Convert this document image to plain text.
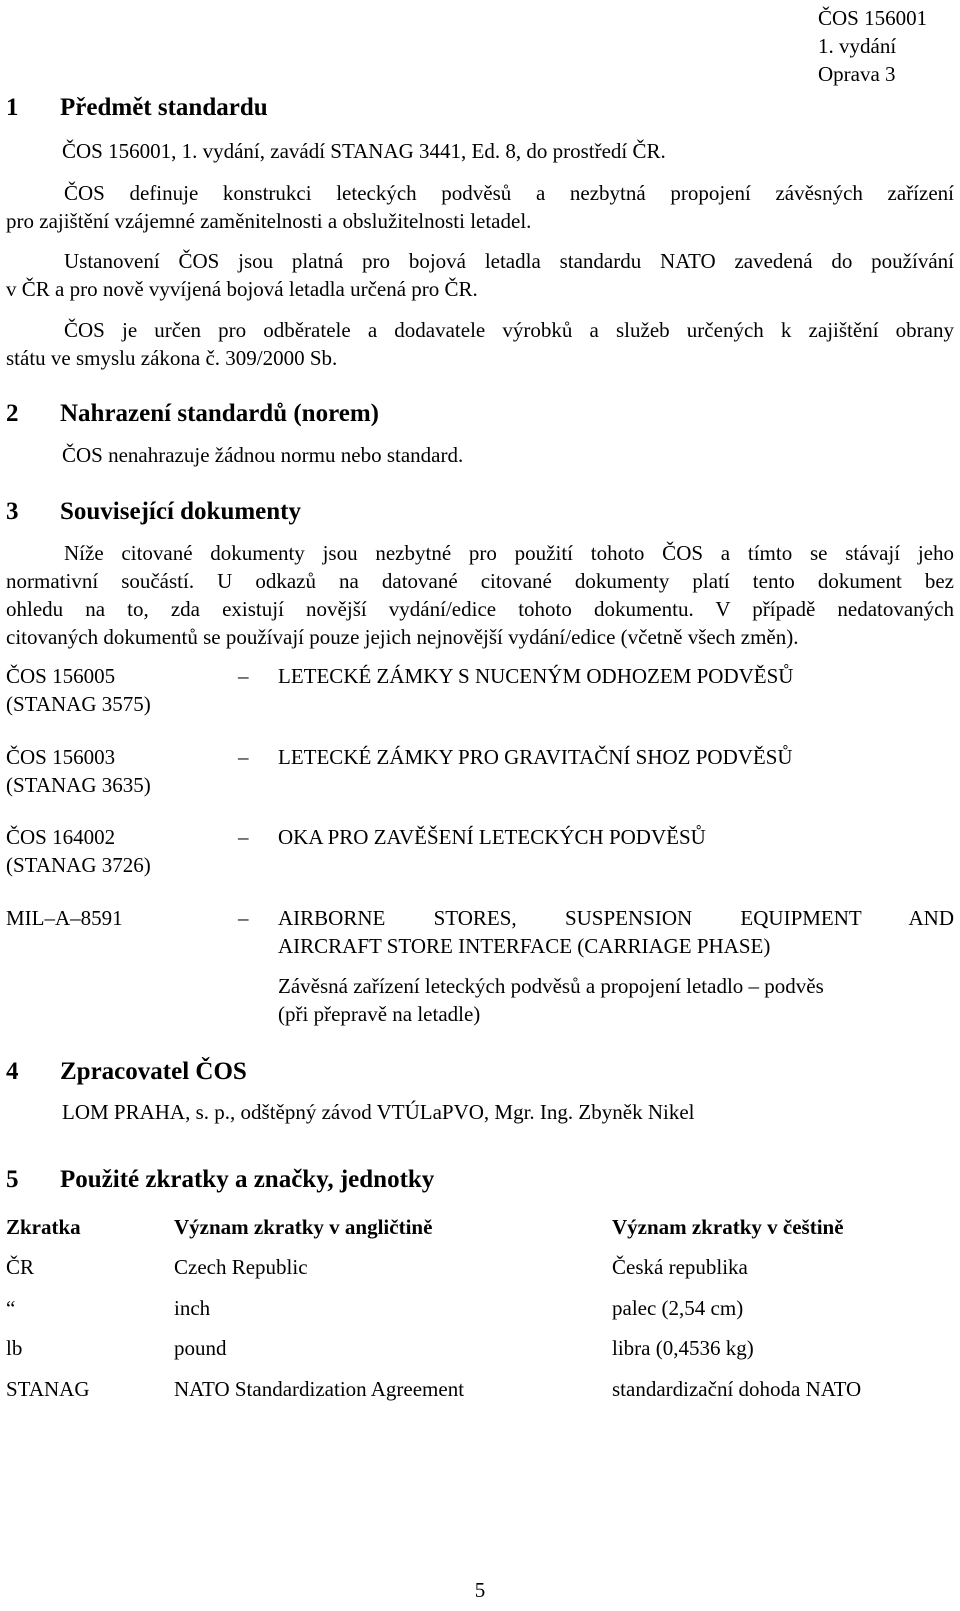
ČOS 156001
1. vydání
Oprava 3
1 Předmět standardu
ČOS 156001, 1. vydání, zavádí STANAG 3441, Ed. 8, do prostředí ČR.
ČOS definuje konstrukci leteckých podvěsů a nezbytná propojení závěsných zařízení
pro zajištění vzájemné zaměnitelnosti a obslužitelnosti letadel.
Ustanovení ČOS jsou platná pro bojová letadla standardu NATO zavedená do používání
v ČR a pro nově vyvíjená bojová letadla určená pro ČR.
ČOS je určen pro odběratele a dodavatele výrobků a služeb určených k zajištění obrany
státu ve smyslu zákona č. 309/2000 Sb.
2 Nahrazení standardů (norem)
ČOS nenahrazuje žádnou normu nebo standard.
3 Související dokumenty
Níže citované dokumenty jsou nezbytné pro použití tohoto ČOS a tímto se stávají jeho
normativní součástí. U odkazů na datované citované dokumenty platí tento dokument bez
ohledu na to, zda existují novější vydání/edice tohoto dokumentu. V případě nedatovaných
citovaných dokumentů se používají pouze jejich nejnovější vydání/edice (včetně všech změn).
ČOS 156005
(STANAG 3575)
–	LETECKÉ ZÁMKY S NUCENÝM ODHOZEM PODVĚSŮ
ČOS 156003
(STANAG 3635)
–	LETECKÉ ZÁMKY PRO GRAVITAČNÍ SHOZ PODVĚSŮ
ČOS 164002
(STANAG 3726)
–	OKA PRO ZAVĚŠENÍ LETECKÝCH PODVĚSŮ
MIL–A–8591	–	AIRBORNE STORES, SUSPENSION EQUIPMENT AND
AIRCRAFT STORE INTERFACE (CARRIAGE PHASE)
Závěsná zařízení leteckých podvěsů a propojení letadlo – podvěs
(při přepravě na letadle)
4 Zpracovatel ČOS
LOM PRAHA, s. p., odštěpný závod VTÚLaPVO, Mgr. Ing. Zbyněk Nikel
5 Použité zkratky a značky, jednotky
Zkratka	Význam zkratky v angličtině	Význam zkratky v češtině
ČR	Czech Republic	Česká republika
“	inch	palec (2,54 cm)
lb	pound	libra (0,4536 kg)
STANAG	NATO Standardization Agreement	standardizační dohoda NATO
5
